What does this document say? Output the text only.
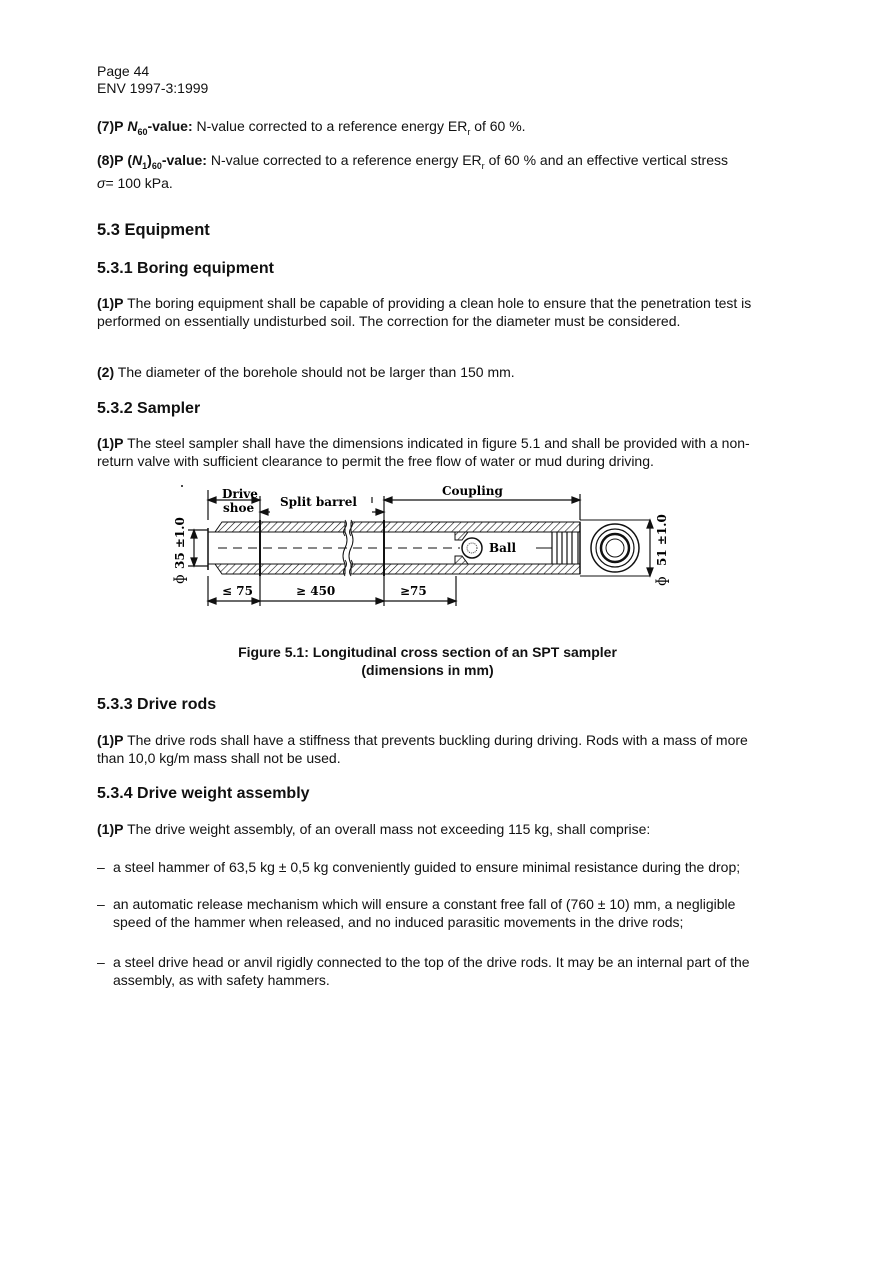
Page 44
ENV 1997-3:1999
(7)P $N_{60}$-value: N-value corrected to a reference energy $ER_r$ of 60 %.
(8)P $(N_1)_{60}$-value: N-value corrected to a reference energy $ER_r$ of 60 % and an effective vertical stress σ= 100 kPa.
5.3 Equipment
5.3.1 Boring equipment
(1)P The boring equipment shall be capable of providing a clean hole to ensure that the penetration test is performed on essentially undisturbed soil. The correction for the diameter must be considered.
(2) The diameter of the borehole should not be larger than 150 mm.
5.3.2 Sampler
(1)P The steel sampler shall have the dimensions indicated in figure 5.1 and shall be provided with a non-return valve with sufficient clearance to permit the free flow of water or mud during driving.
Drive
shoe Split barrel
Coupling
Ball
35 ±1.0
ɸ
51 ±1.0
ɸ
≤ 75	≥ 450	≥75
Figure 5.1: Longitudinal cross section of an SPT sampler
(dimensions in mm)
5.3.3 Drive rods
(1)P The drive rods shall have a stiffness that prevents buckling during driving. Rods with a mass of more than 10,0 kg/m mass shall not be used.
5.3.4 Drive weight assembly
(1)P The drive weight assembly, of an overall mass not exceeding 115 kg, shall comprise:
– a steel hammer of 63,5 kg ± 0,5 kg conveniently guided to ensure minimal resistance during the drop;
– an automatic release mechanism which will ensure a constant free fall of (760 ± 10) mm, a negligible speed of the hammer when released, and no induced parasitic movements in the drive rods;
– a steel drive head or anvil rigidly connected to the top of the drive rods. It may be an internal part of the assembly, as with safety hammers.
